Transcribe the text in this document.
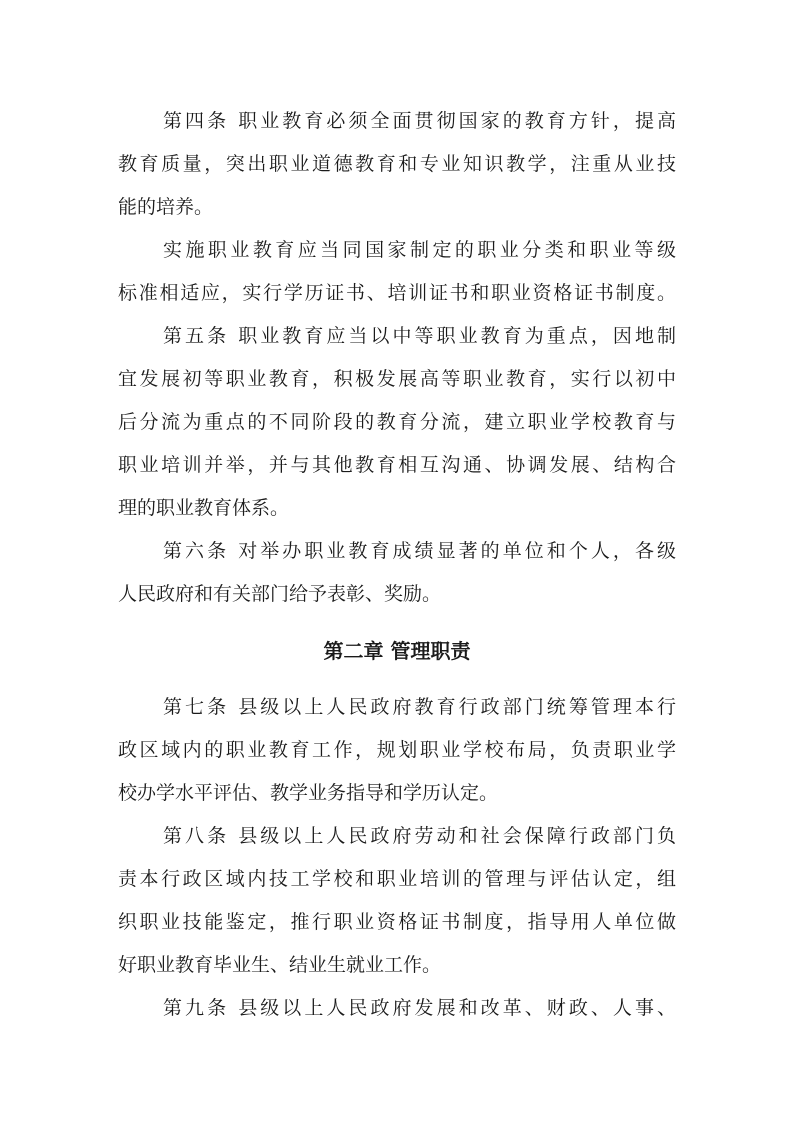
第四条 职业教育必须全面贯彻国家的教育方针，提高
教育质量，突出职业道德教育和专业知识教学，注重从业技
能的培养。
实施职业教育应当同国家制定的职业分类和职业等级
标准相适应，实行学历证书、培训证书和职业资格证书制度。
第五条 职业教育应当以中等职业教育为重点，因地制
宜发展初等职业教育，积极发展高等职业教育，实行以初中
后分流为重点的不同阶段的教育分流，建立职业学校教育与
职业培训并举，并与其他教育相互沟通、协调发展、结构合
理的职业教育体系。
第六条 对举办职业教育成绩显著的单位和个人，各级
人民政府和有关部门给予表彰、奖励。
第二章 管理职责
第七条 县级以上人民政府教育行政部门统筹管理本行
政区域内的职业教育工作，规划职业学校布局，负责职业学
校办学水平评估、教学业务指导和学历认定。
第八条 县级以上人民政府劳动和社会保障行政部门负
责本行政区域内技工学校和职业培训的管理与评估认定，组
织职业技能鉴定，推行职业资格证书制度，指导用人单位做
好职业教育毕业生、结业生就业工作。
第九条 县级以上人民政府发展和改革、财政、人事、
